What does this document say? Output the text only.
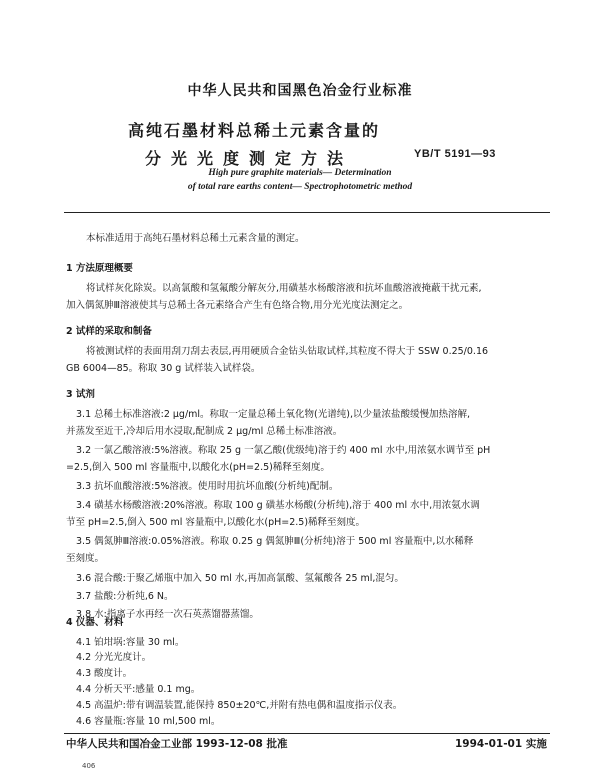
中华人民共和国黑色冶金行业标准
高纯石墨材料总稀土元素含量的
分光光度测定方法	YB/T 5191—93
High pure graphite materials— Determination
of total rare earths content— Spectrophotometric method
本标准适用于高纯石墨材料总稀土元素含量的测定。
1 方法原理概要
将试样灰化除炭。以高氯酸和氢氟酸分解灰分,用磺基水杨酸溶液和抗坏血酸溶液掩蔽干扰元素,
加入偶氮胂Ⅲ溶液使其与总稀土各元素络合产生有色络合物,用分光光度法测定之。
2 试样的采取和制备
将被测试样的表面用刮刀刮去表层,再用硬质合金钻头钻取试样,其粒度不得大于 SSW 0.25/0.16
GB 6004—85。称取 30 g 试样装入试样袋。
3 试剂
3.1 总稀土标准溶液:2 μg/ml。称取一定量总稀土氧化物(光谱纯),以少量浓盐酸缓慢加热溶解,
并蒸发至近干,冷却后用水浸取,配制成 2 μg/ml 总稀土标准溶液。
3.2 一氯乙酸溶液:5%溶液。称取 25 g 一氯乙酸(优级纯)溶于约 400 ml 水中,用浓氨水调节至 pH
=2.5,倒入 500 ml 容量瓶中,以酸化水(pH=2.5)稀释至刻度。
3.3 抗坏血酸溶液:5%溶液。使用时用抗坏血酸(分析纯)配制。
3.4 磺基水杨酸溶液:20%溶液。称取 100 g 磺基水杨酸(分析纯),溶于 400 ml 水中,用浓氨水调
节至 pH=2.5,倒入 500 ml 容量瓶中,以酸化水(pH=2.5)稀释至刻度。
3.5 偶氮胂Ⅲ溶液:0.05%溶液。称取 0.25 g 偶氮胂Ⅲ(分析纯)溶于 500 ml 容量瓶中,以水稀释
至刻度。
3.6 混合酸:于聚乙烯瓶中加入 50 ml 水,再加高氯酸、氢氟酸各 25 ml,混匀。
3.7 盐酸:分析纯,6 N。
3.8 水:指离子水再经一次石英蒸馏器蒸馏。
4 仪器、材料
4.1 铂坩埚:容量 30 ml。
4.2 分光光度计。
4.3 酸度计。
4.4 分析天平:感量 0.1 mg。
4.5 高温炉:带有调温装置,能保持 850±20℃,并附有热电偶和温度指示仪表。
4.6 容量瓶:容量 10 ml,500 ml。
中华人民共和国冶金工业部 1993-12-08 批准	1994-01-01 实施
406
